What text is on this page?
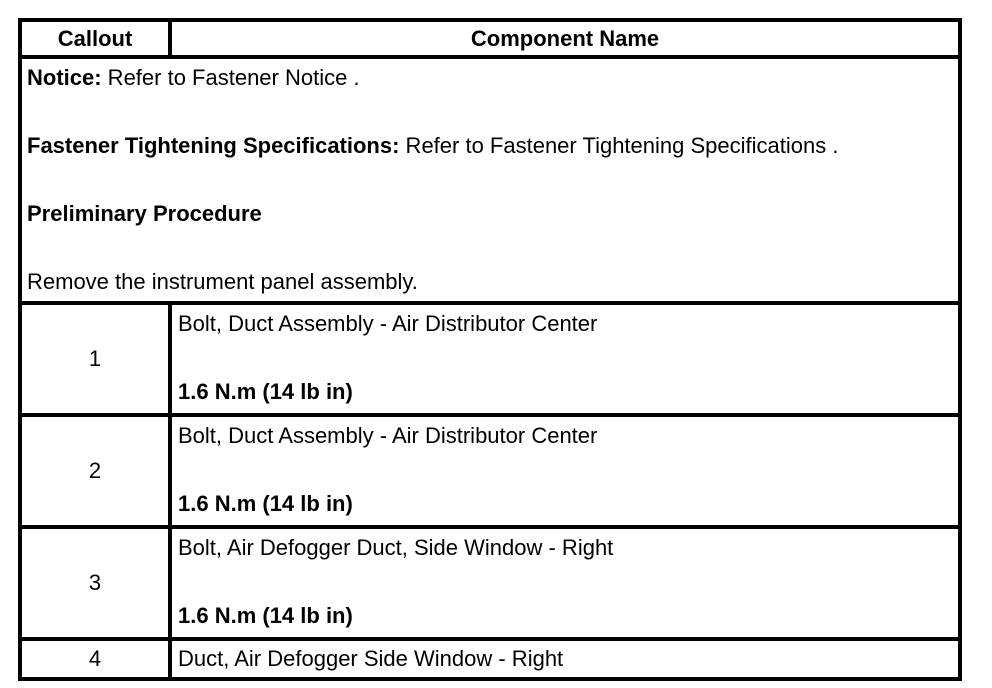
Callout	Component Name

Notice: Refer to Fastener Notice .

Fastener Tightening Specifications: Refer to Fastener Tightening Specifications .

Preliminary Procedure

Remove the instrument panel assembly.	

1	Bolt, Duct Assembly - Air Distributor Center
1.6 N.m (14 lb in)

2	Bolt, Duct Assembly - Air Distributor Center
1.6 N.m (14 lb in)

3	Bolt, Air Defogger Duct, Side Window - Right
1.6 N.m (14 lb in)

4	Duct, Air Defogger Side Window - Right
